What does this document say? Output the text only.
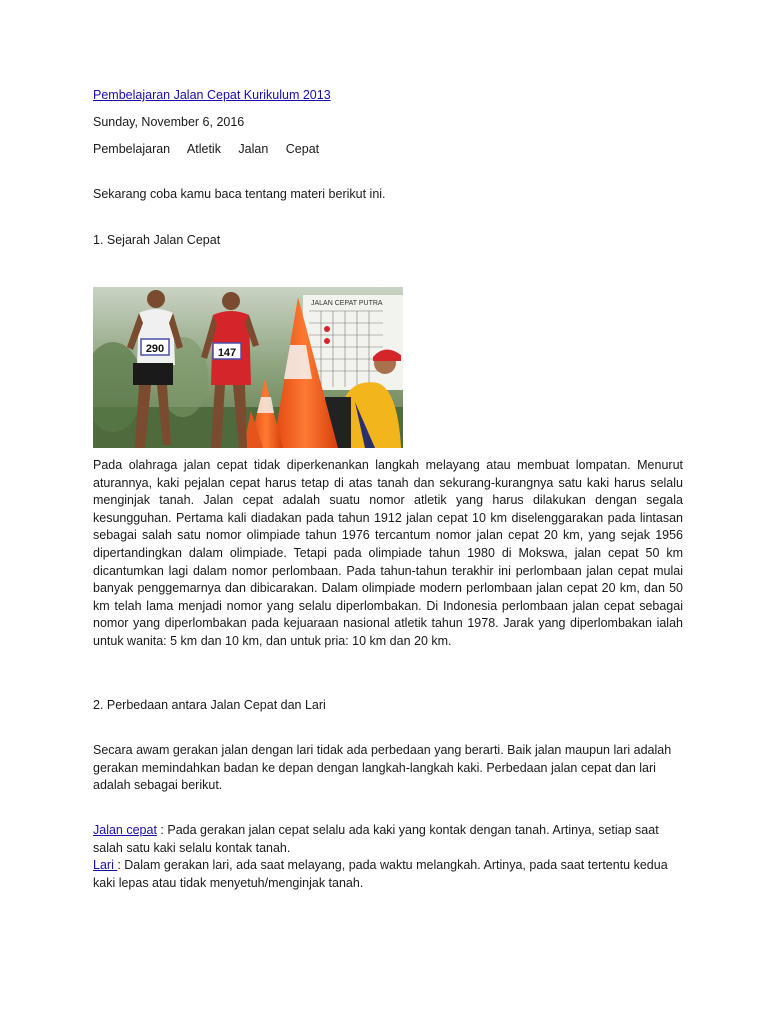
Pembelajaran Jalan Cepat Kurikulum 2013

Sunday, November 6, 2016

Pembelajaran Atletik Jalan Cepat

Sekarang coba kamu baca tentang materi berikut ini.

1. Sejarah Jalan Cepat

JALAN CEPAT PUTRA
290	147

Pada olahraga jalan cepat tidak diperkenankan langkah melayang atau membuat lompatan. Menurut aturannya, kaki pejalan cepat harus tetap di atas tanah dan sekurang-kurangnya satu kaki harus selalu menginjak tanah. Jalan cepat adalah suatu nomor atletik yang harus dilakukan dengan segala kesungguhan. Pertama kali diadakan pada tahun 1912 jalan cepat 10 km diselenggarakan pada lintasan sebagai salah satu nomor olimpiade tahun 1976 tercantum nomor jalan cepat 20 km, yang sejak 1956 dipertandingkan dalam olimpiade. Tetapi pada olimpiade tahun 1980 di Mokswa, jalan cepat 50 km dicantumkan lagi dalam nomor perlombaan. Pada tahun-tahun terakhir ini perlombaan jalan cepat mulai banyak penggemarnya dan dibicarakan. Dalam olimpiade modern perlombaan jalan cepat 20 km, dan 50 km telah lama menjadi nomor yang selalu diperlombakan. Di Indonesia perlombaan jalan cepat sebagai nomor yang diperlombakan pada kejuaraan nasional atletik tahun 1978. Jarak yang diperlombakan ialah untuk wanita: 5 km dan 10 km, dan untuk pria: 10 km dan 20 km.

2. Perbedaan antara Jalan Cepat dan Lari

Secara awam gerakan jalan dengan lari tidak ada perbedaan yang berarti. Baik jalan maupun lari adalah gerakan memindahkan badan ke depan dengan langkah-langkah kaki. Perbedaan jalan cepat dan lari adalah sebagai berikut.

Jalan cepat : Pada gerakan jalan cepat selalu ada kaki yang kontak dengan tanah. Artinya, setiap saat salah satu kaki selalu kontak tanah.

Lari : Dalam gerakan lari, ada saat melayang, pada waktu melangkah. Artinya, pada saat tertentu kedua kaki lepas atau tidak menyetuh/menginjak tanah.
